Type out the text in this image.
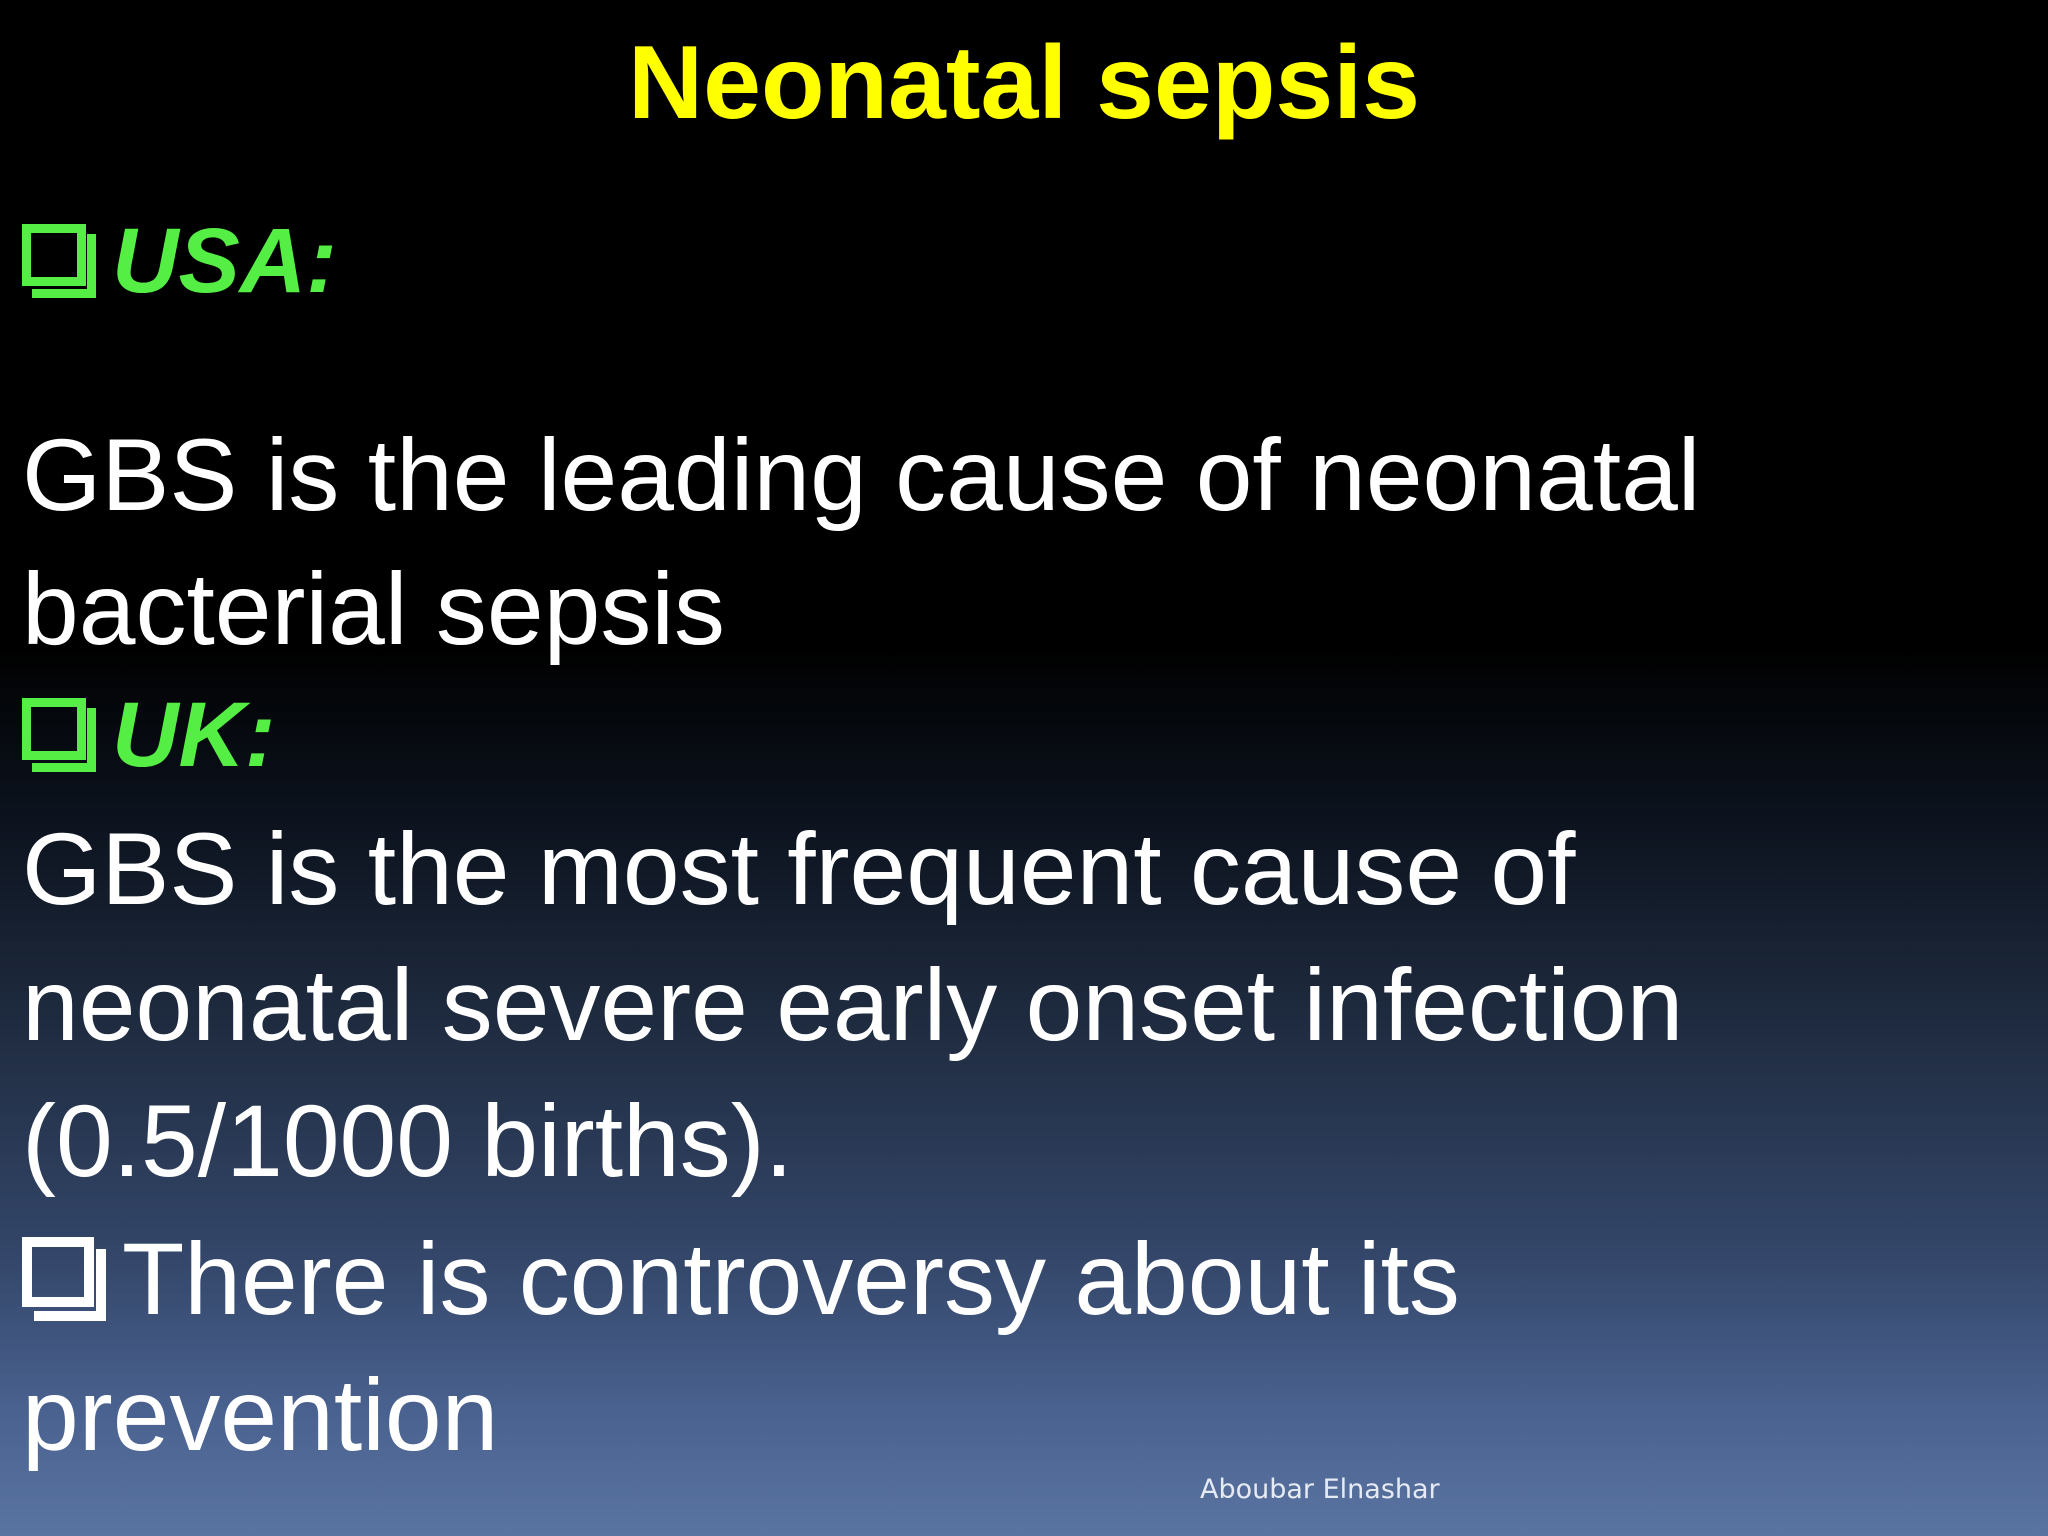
Neonatal sepsis
USA:
GBS is the leading cause of neonatal
bacterial sepsis
UK:
GBS is the most frequent cause of
neonatal severe early onset infection
(0.5/1000 births).
There is controversy about its
prevention
Aboubar Elnashar
